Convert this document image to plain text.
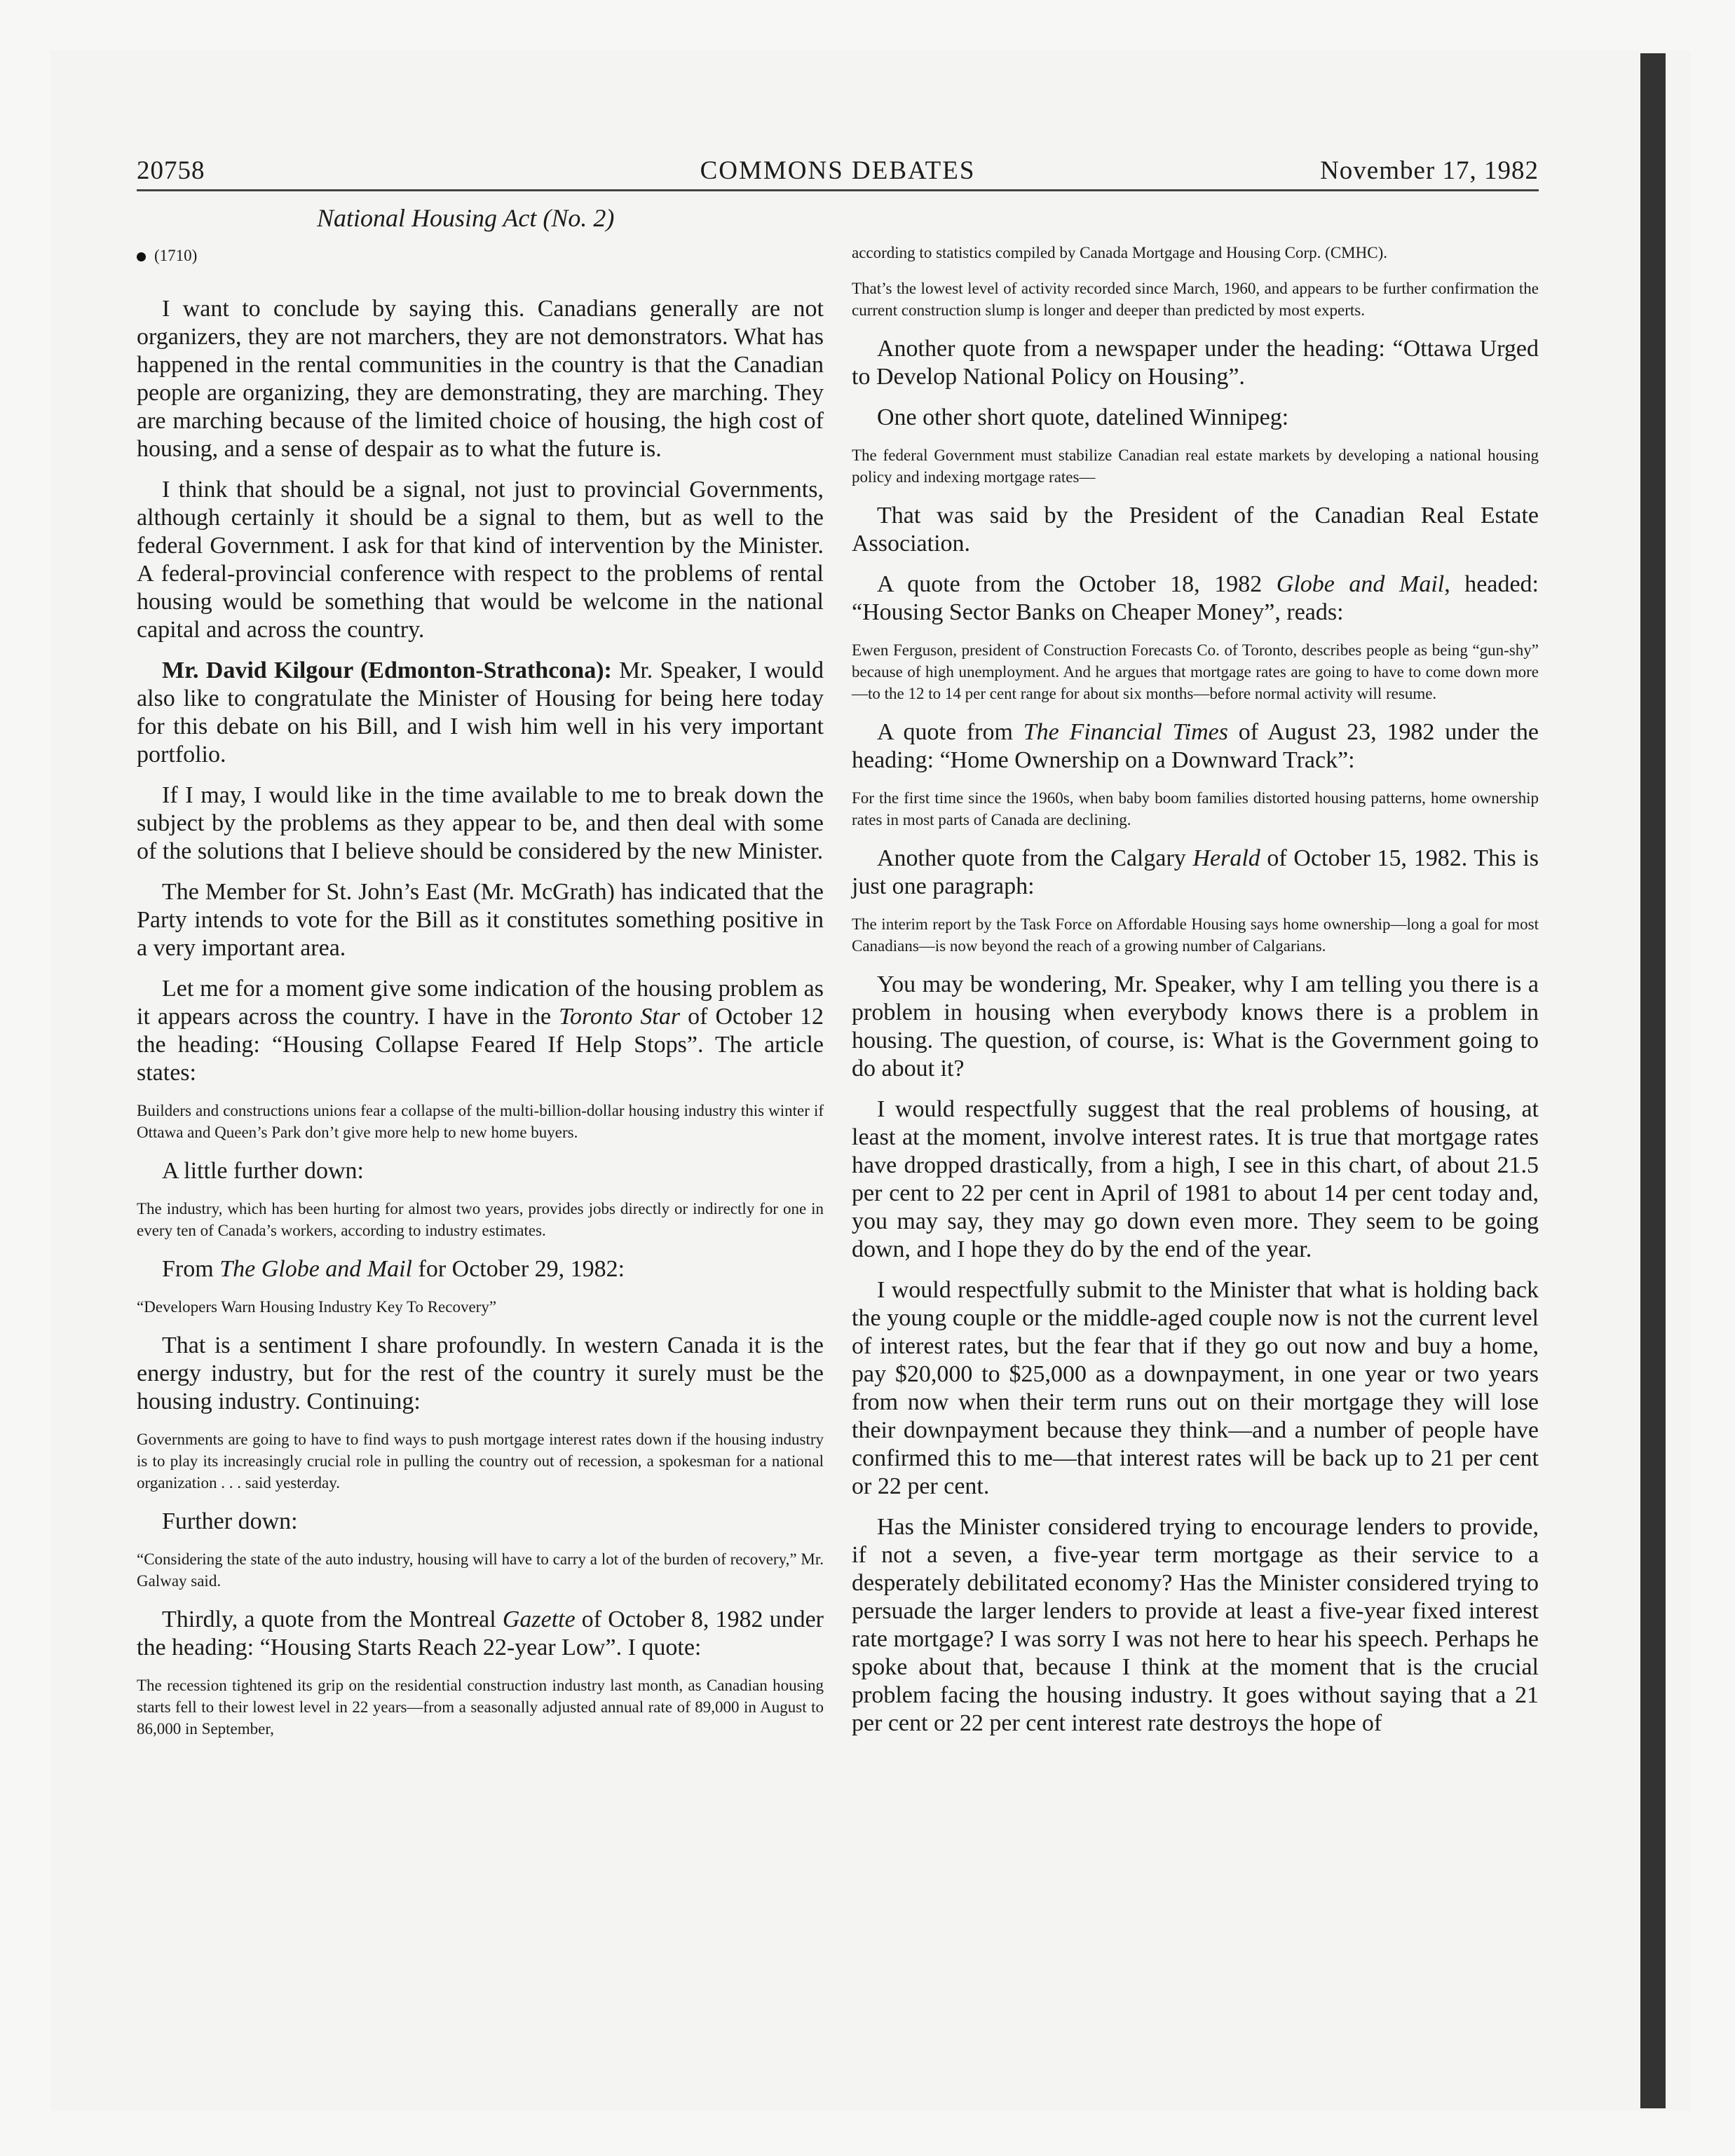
20758	COMMONS DEBATES	November 17, 1982
National Housing Act (No. 2)
(1710)

I want to conclude by saying this. Canadians generally are not organizers, they are not marchers, they are not demonstrators. What has happened in the rental communities in the country is that the Canadian people are organizing, they are demonstrating, they are marching. They are marching because of the limited choice of housing, the high cost of housing, and a sense of despair as to what the future is.

I think that should be a signal, not just to provincial Governments, although certainly it should be a signal to them, but as well to the federal Government. I ask for that kind of intervention by the Minister. A federal-provincial conference with respect to the problems of rental housing would be something that would be welcome in the national capital and across the country.

Mr. David Kilgour (Edmonton-Strathcona): Mr. Speaker, I would also like to congratulate the Minister of Housing for being here today for this debate on his Bill, and I wish him well in his very important portfolio.

If I may, I would like in the time available to me to break down the subject by the problems as they appear to be, and then deal with some of the solutions that I believe should be considered by the new Minister.

The Member for St. John’s East (Mr. McGrath) has indicated that the Party intends to vote for the Bill as it constitutes something positive in a very important area.

Let me for a moment give some indication of the housing problem as it appears across the country. I have in the Toronto Star of October 12 the heading: “Housing Collapse Feared If Help Stops”. The article states:

Builders and constructions unions fear a collapse of the multi-billion-dollar housing industry this winter if Ottawa and Queen’s Park don’t give more help to new home buyers.

A little further down:

The industry, which has been hurting for almost two years, provides jobs directly or indirectly for one in every ten of Canada’s workers, according to industry estimates.

From The Globe and Mail for October 29, 1982:

“Developers Warn Housing Industry Key To Recovery”

That is a sentiment I share profoundly. In western Canada it is the energy industry, but for the rest of the country it surely must be the housing industry. Continuing:

Governments are going to have to find ways to push mortgage interest rates down if the housing industry is to play its increasingly crucial role in pulling the country out of recession, a spokesman for a national organization . . . said yesterday.

Further down:

“Considering the state of the auto industry, housing will have to carry a lot of the burden of recovery,” Mr. Galway said.

Thirdly, a quote from the Montreal Gazette of October 8, 1982 under the heading: “Housing Starts Reach 22-year Low”. I quote:

The recession tightened its grip on the residential construction industry last month, as Canadian housing starts fell to their lowest level in 22 years—from a seasonally adjusted annual rate of 89,000 in August to 86,000 in September,

according to statistics compiled by Canada Mortgage and Housing Corp. (CMHC).

That’s the lowest level of activity recorded since March, 1960, and appears to be further confirmation the current construction slump is longer and deeper than predicted by most experts.

Another quote from a newspaper under the heading: “Ottawa Urged to Develop National Policy on Housing”.

One other short quote, datelined Winnipeg:

The federal Government must stabilize Canadian real estate markets by developing a national housing policy and indexing mortgage rates—

That was said by the President of the Canadian Real Estate Association.

A quote from the October 18, 1982 Globe and Mail, headed: “Housing Sector Banks on Cheaper Money”, reads:

Ewen Ferguson, president of Construction Forecasts Co. of Toronto, describes people as being “gun-shy” because of high unemployment. And he argues that mortgage rates are going to have to come down more—to the 12 to 14 per cent range for about six months—before normal activity will resume.

A quote from The Financial Times of August 23, 1982 under the heading: “Home Ownership on a Downward Track”:

For the first time since the 1960s, when baby boom families distorted housing patterns, home ownership rates in most parts of Canada are declining.

Another quote from the Calgary Herald of October 15, 1982. This is just one paragraph:

The interim report by the Task Force on Affordable Housing says home ownership—long a goal for most Canadians—is now beyond the reach of a growing number of Calgarians.

You may be wondering, Mr. Speaker, why I am telling you there is a problem in housing when everybody knows there is a problem in housing. The question, of course, is: What is the Government going to do about it?

I would respectfully suggest that the real problems of housing, at least at the moment, involve interest rates. It is true that mortgage rates have dropped drastically, from a high, I see in this chart, of about 21.5 per cent to 22 per cent in April of 1981 to about 14 per cent today and, you may say, they may go down even more. They seem to be going down, and I hope they do by the end of the year.

I would respectfully submit to the Minister that what is holding back the young couple or the middle-aged couple now is not the current level of interest rates, but the fear that if they go out now and buy a home, pay $20,000 to $25,000 as a downpayment, in one year or two years from now when their term runs out on their mortgage they will lose their downpayment because they think—and a number of people have confirmed this to me—that interest rates will be back up to 21 per cent or 22 per cent.

Has the Minister considered trying to encourage lenders to provide, if not a seven, a five-year term mortgage as their service to a desperately debilitated economy? Has the Minister considered trying to persuade the larger lenders to provide at least a five-year fixed interest rate mortgage? I was sorry I was not here to hear his speech. Perhaps he spoke about that, because I think at the moment that is the crucial problem facing the housing industry. It goes without saying that a 21 per cent or 22 per cent interest rate destroys the hope of
